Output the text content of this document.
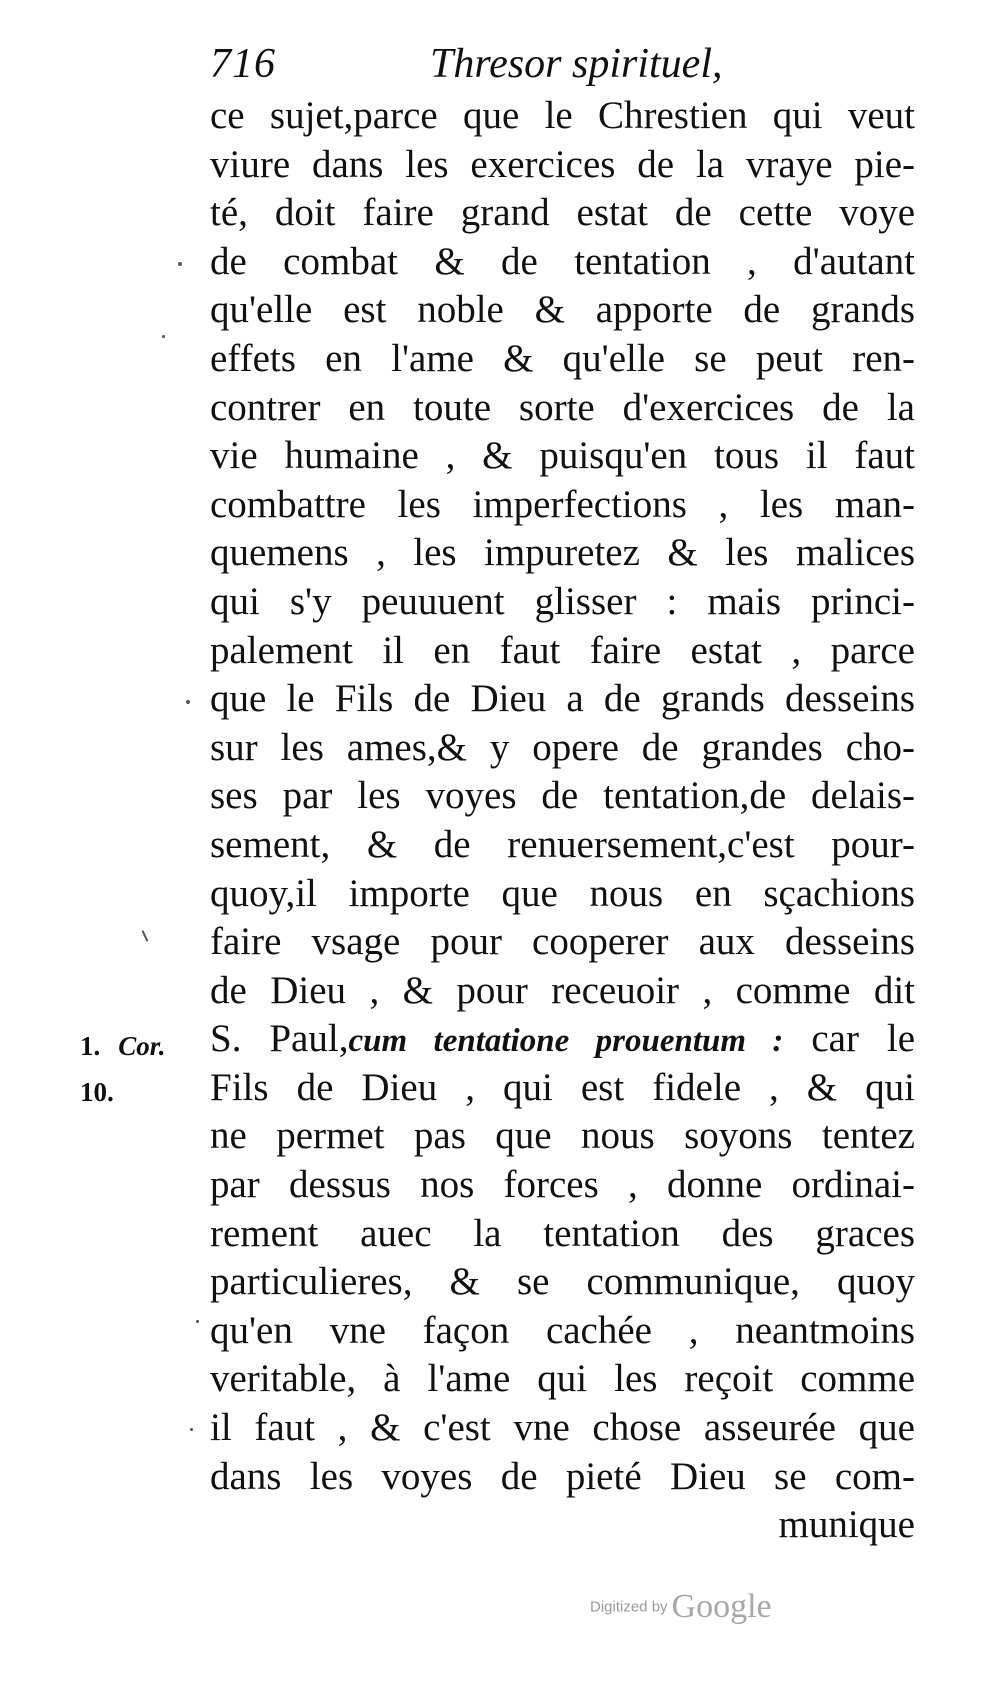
716	Thresor spirituel,
ce sujet,parce que le Chrestien qui veut
viure dans les exercices de la vraye pie-
té, doit faire grand estat de cette voye
de combat & de tentation , d'autant
qu'elle est noble & apporte de grands
effets en l'ame & qu'elle se peut ren-
contrer en toute sorte d'exercices de la
vie humaine , & puisqu'en tous il faut
combattre les imperfections , les man-
quemens , les impuretez & les malices
qui s'y peuuuent glisser : mais princi-
palement il en faut faire estat , parce
que le Fils de Dieu a de grands desseins
sur les ames,& y opere de grandes cho-
ses par les voyes de tentation,de delais-
sement, & de renuersement,c'est pour-
quoy,il importe que nous en sçachions
faire vsage pour cooperer aux desseins
de Dieu , & pour receuoir , comme dit
S. Paul,cum tentatione prouentum : car le
Fils de Dieu , qui est fidele , & qui
ne permet pas que nous soyons tentez
par dessus nos forces , donne ordinai-
rement auec la tentation des graces
particulieres, & se communique, quoy
qu'en vne façon cachée , neantmoins
veritable, à l'ame qui les reçoit comme
il faut , & c'est vne chose asseurée que
dans les voyes de pieté Dieu se com-
munique
1. Cor.
10.
Digitized by Google
